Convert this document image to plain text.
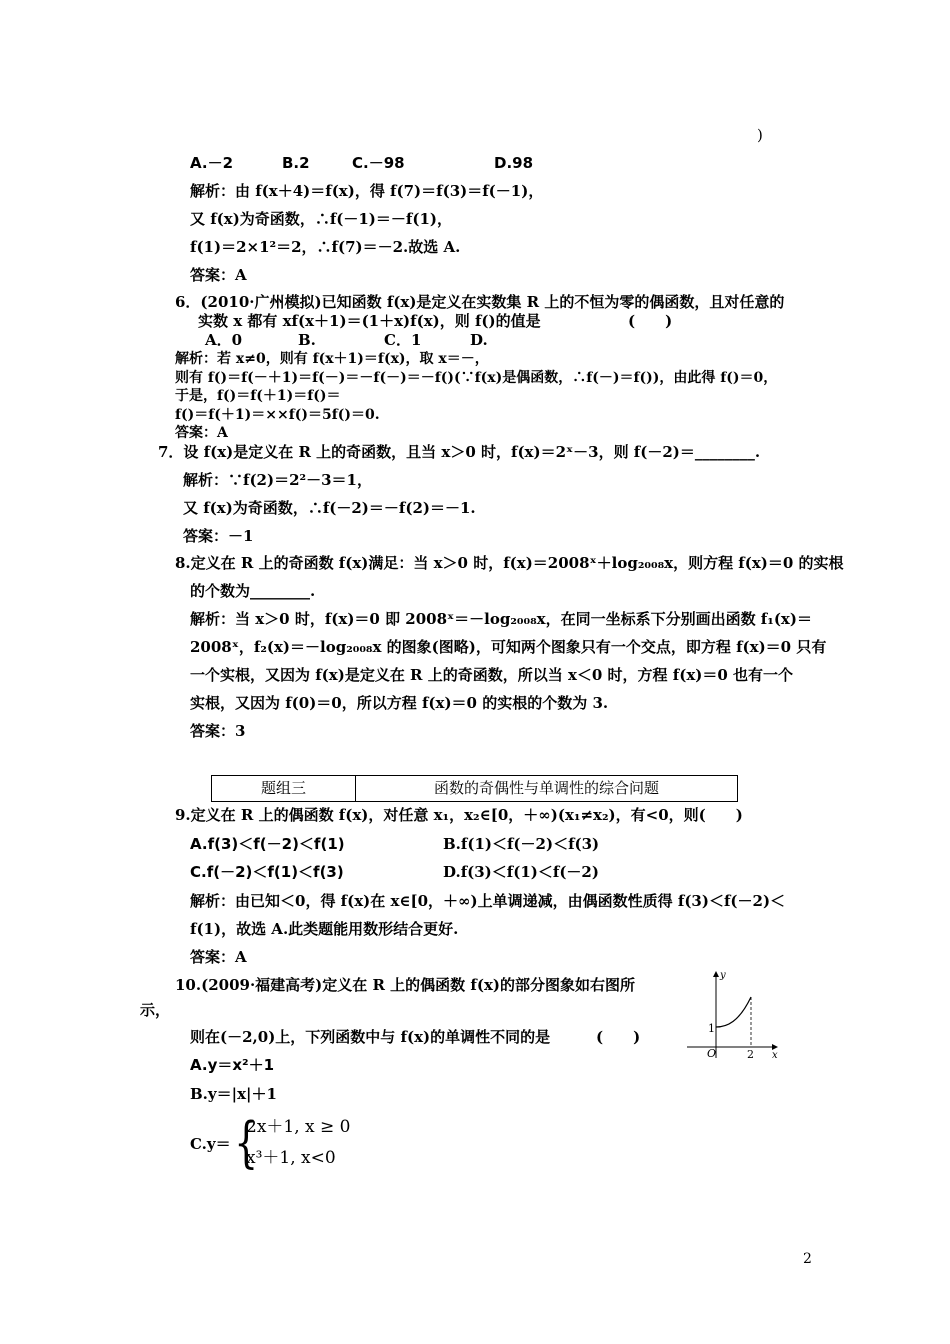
)
A.－2	B.2	C.－98	D.98
解析：由 f(x＋4)＝f(x)，得 f(7)＝f(3)＝f(－1)，
又 f(x)为奇函数，∴f(－1)＝－f(1)，
f(1)＝2×1²＝2，∴f(7)＝－2.故选 A.
答案：A
6．(2010·广州模拟)已知函数 f(x)是定义在实数集 R 上的不恒为零的偶函数，且对任意的
实数 x 都有 xf(x＋1)＝(1＋x)f(x)，则 f()的值是	(　　)
A．0	B.	C．1	D.
解析：若 x≠0，则有 f(x＋1)＝f(x)，取 x＝－，
则有 f()＝f(－＋1)＝f(－)＝－f(－)＝－f()(∵f(x)是偶函数，∴f(－)＝f())，由此得 f()＝0，
于是，f()＝f(＋1)＝f()＝
f()＝f(＋1)＝××f()＝5f()＝0.
答案：A
7．设 f(x)是定义在 R 上的奇函数，且当 x＞0 时，f(x)＝2ˣ－3，则 f(－2)＝________.
解析：∵f(2)＝2²－3＝1，
又 f(x)为奇函数，∴f(－2)＝－f(2)＝－1.
答案：－1
8.定义在 R 上的奇函数 f(x)满足：当 x＞0 时，f(x)＝2008ˣ＋log₂₀₀₈x，则方程 f(x)＝0 的实根
的个数为________.
解析：当 x＞0 时，f(x)＝0 即 2008ˣ＝－log₂₀₀₈x，在同一坐标系下分别画出函数 f₁(x)＝
2008ˣ，f₂(x)＝－log₂₀₀₈x 的图象(图略)，可知两个图象只有一个交点，即方程 f(x)＝0 只有
一个实根，又因为 f(x)是定义在 R 上的奇函数，所以当 x＜0 时，方程 f(x)＝0 也有一个
实根，又因为 f(0)＝0，所以方程 f(x)＝0 的实根的个数为 3.
答案：3
题组三	函数的奇偶性与单调性的综合问题
9.定义在 R 上的偶函数 f(x)，对任意 x₁，x₂∈[0，＋∞)(x₁≠x₂)，有<0，则(　　)
A.f(3)＜f(－2)＜f(1)	B.f(1)＜f(－2)＜f(3)
C.f(－2)＜f(1)＜f(3)	D.f(3)＜f(1)＜f(－2)
解析：由已知＜0，得 f(x)在 x∈[0，＋∞)上单调递减，由偶函数性质得 f(3)＜f(－2)＜
f(1)，故选 A.此类题能用数形结合更好.
答案：A
10.(2009·福建高考)定义在 R 上的偶函数 f(x)的部分图象如右图所
示，
则在(－2,0)上，下列函数中与 f(x)的单调性不同的是	(　　)
A.y＝x²＋1
B.y＝|x|＋1
C.y＝ {
2x＋1, x ≥ 0
x³＋1, x<0
y
x
O
1
2
2
